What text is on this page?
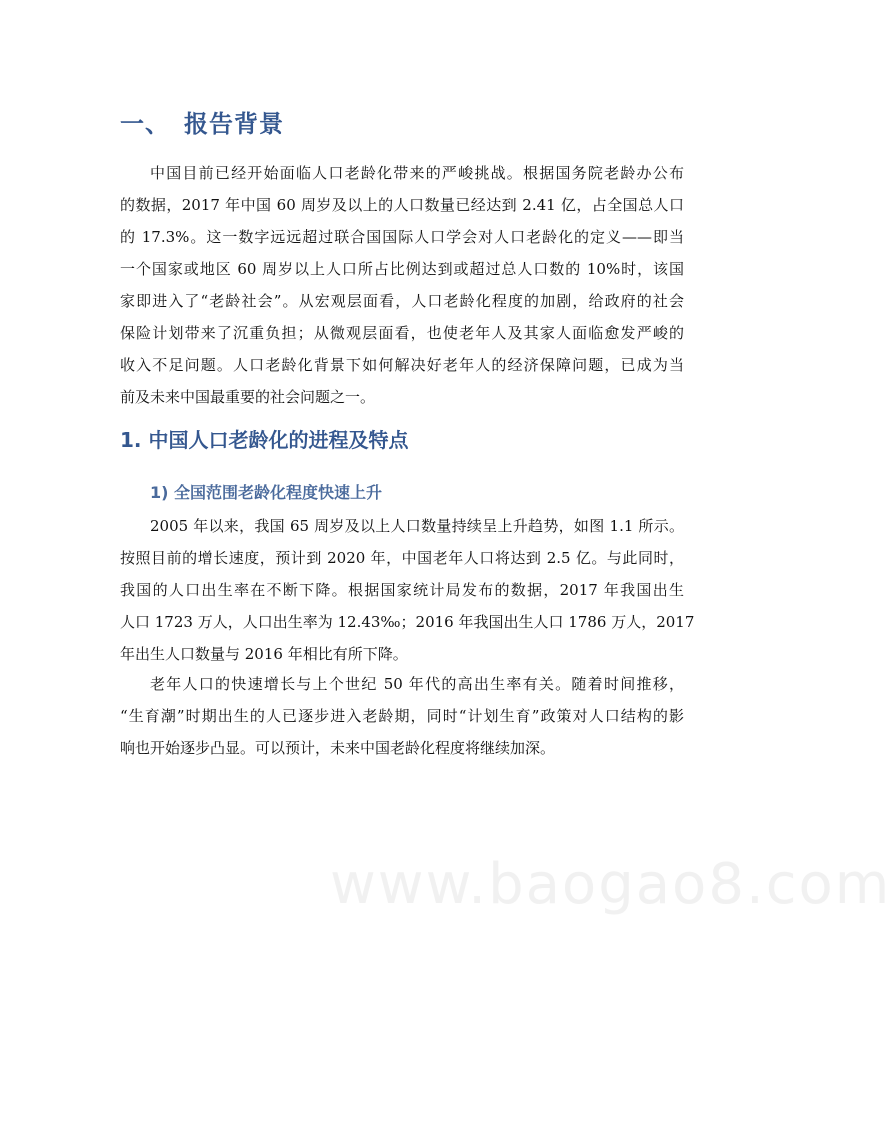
一、 报告背景
中国目前已经开始面临人口老龄化带来的严峻挑战。根据国务院老龄办公布
的数据，2017 年中国 60 周岁及以上的人口数量已经达到 2.41 亿，占全国总人口
的 17.3%。这一数字远远超过联合国国际人口学会对人口老龄化的定义——即当
一个国家或地区 60 周岁以上人口所占比例达到或超过总人口数的 10%时，该国
家即进入了“老龄社会”。从宏观层面看，人口老龄化程度的加剧，给政府的社会
保险计划带来了沉重负担；从微观层面看，也使老年人及其家人面临愈发严峻的
收入不足问题。人口老龄化背景下如何解决好老年人的经济保障问题，已成为当
前及未来中国最重要的社会问题之一。
1. 中国人口老龄化的进程及特点
1) 全国范围老龄化程度快速上升
2005 年以来，我国 65 周岁及以上人口数量持续呈上升趋势，如图 1.1 所示。
按照目前的增长速度，预计到 2020 年，中国老年人口将达到 2.5 亿。与此同时，
我国的人口出生率在不断下降。根据国家统计局发布的数据，2017 年我国出生
人口 1723 万人，人口出生率为 12.43‰；2016 年我国出生人口 1786 万人，2017
年出生人口数量与 2016 年相比有所下降。
老年人口的快速增长与上个世纪 50 年代的高出生率有关。随着时间推移，
“生育潮”时期出生的人已逐步进入老龄期，同时“计划生育”政策对人口结构的影
响也开始逐步凸显。可以预计，未来中国老龄化程度将继续加深。
www.baogao8.com
